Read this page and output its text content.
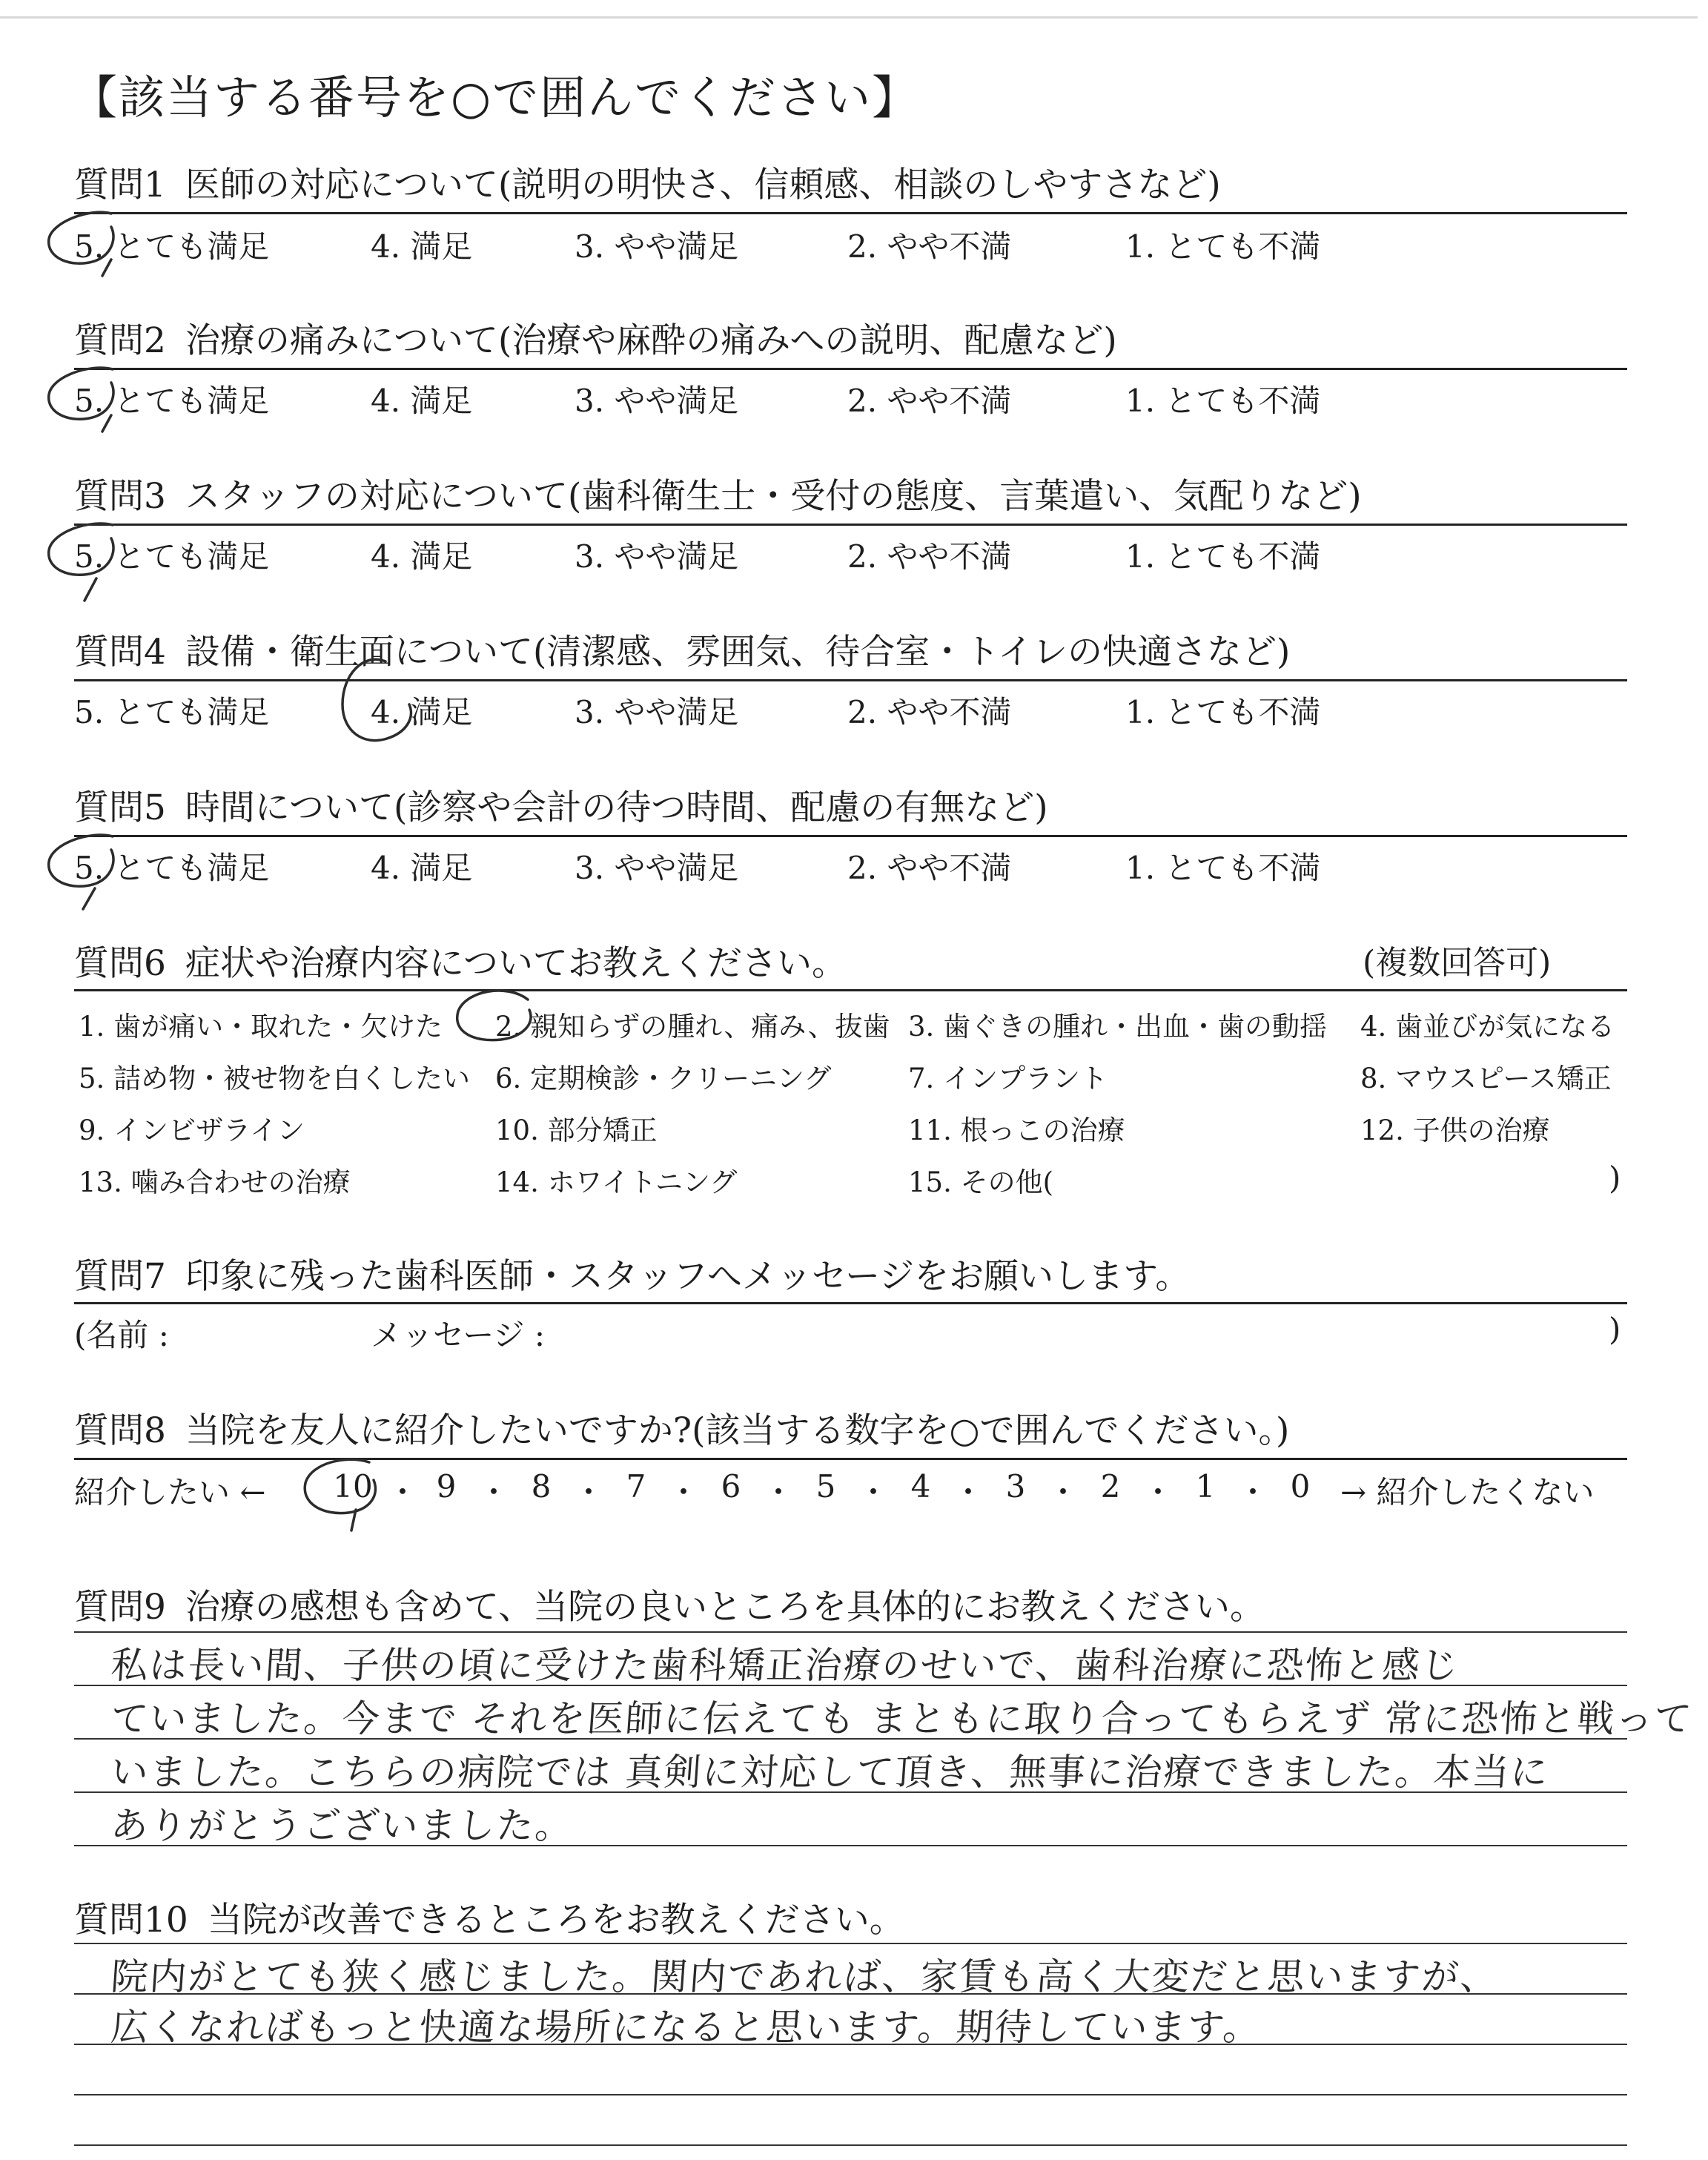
【該当する番号を○で囲んでください】
質問1 医師の対応について(説明の明快さ、信頼感、相談のしやすさなど)
5. とても満足	4. 満足	3. やや満足	2. やや不満	1. とても不満
質問2 治療の痛みについて(治療や麻酔の痛みへの説明、配慮など)
5. とても満足	4. 満足	3. やや満足	2. やや不満	1. とても不満
質問3 スタッフの対応について(歯科衛生士・受付の態度、言葉遣い、気配りなど)
5. とても満足	4. 満足	3. やや満足	2. やや不満	1. とても不満
質問4 設備・衛生面について(清潔感、雰囲気、待合室・トイレの快適さなど)
5. とても満足	4. 満足	3. やや満足	2. やや不満	1. とても不満
質問5 時間について(診察や会計の待つ時間、配慮の有無など)
5. とても満足	4. 満足	3. やや満足	2. やや不満	1. とても不満
質問6 症状や治療内容についてお教えください。	(複数回答可)
1. 歯が痛い・取れた・欠けた 2. 親知らずの腫れ、痛み、抜歯 3. 歯ぐきの腫れ・出血・歯の動揺 4. 歯並びが気になる
5. 詰め物・被せ物を白くしたい 6. 定期検診・クリーニング	7. インプラント	8. マウスピース矯正
9. インビザライン	10. 部分矯正	11. 根っこの治療	12. 子供の治療
13. 噛み合わせの治療	14. ホワイトニング	15. その他(	)
質問7 印象に残った歯科医師・スタッフへメッセージをお願いします。
(名前 :	メッセージ :	)
質問8 当院を友人に紹介したいですか?(該当する数字を○で囲んでください。)
紹介したい ← 10 ・ 9 ・ 8 ・ 7 ・ 6 ・ 5 ・ 4 ・ 3 ・ 2 ・ 1 ・ 0 → 紹介したくない
質問9 治療の感想も含めて、当院の良いところを具体的にお教えください。
私は長い間、子供の頃に受けた歯科矯正治療のせいで、歯科治療に恐怖と感じ
ていました。今まで それを医師に伝えても まともに取り合ってもらえず 常に恐怖と戦って
いました。こちらの病院では 真剣に対応して頂き、無事に治療できました。本当に
ありがとうございました。
質問10 当院が改善できるところをお教えください。
院内がとても狭く感じました。関内であれば、家賃も高く大変だと思いますが、
広くなればもっと快適な場所になると思います。期待しています。
